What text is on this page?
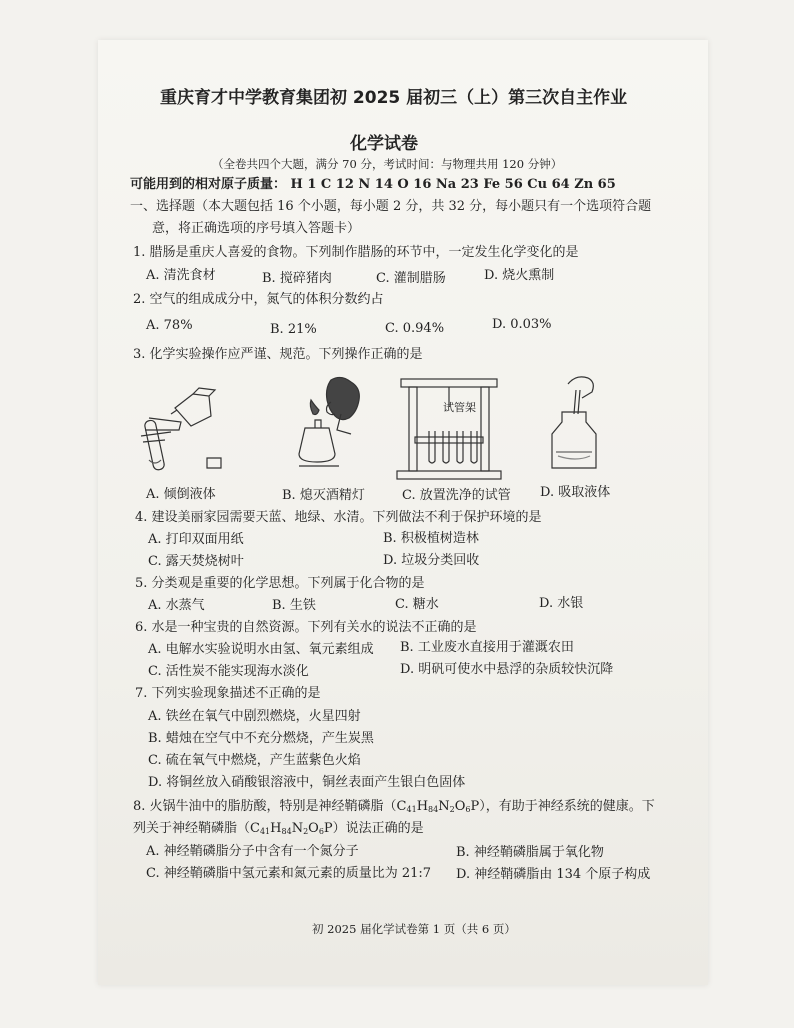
重庆育才中学教育集团初 2025 届初三（上）第三次自主作业
化学试卷
（全卷共四个大题，满分 70 分，考试时间：与物理共用 120 分钟）
可能用到的相对原子质量： H 1 C 12 N 14 O 16 Na 23 Fe 56 Cu 64 Zn 65
一、选择题（本大题包括 16 个小题，每小题 2 分，共 32 分，每小题只有一个选项符合题
意，将正确选项的序号填入答题卡）
1. 腊肠是重庆人喜爱的食物。下列制作腊肠的环节中，一定发生化学变化的是
A. 清洗食材	B. 搅碎猪肉	C. 灌制腊肠	D. 烧火熏制
2. 空气的组成成分中，氮气的体积分数约占
A. 78%	B. 21%	C. 0.94%	D. 0.03%
3. 化学实验操作应严谨、规范。下列操作正确的是
试管架
A. 倾倒液体	B. 熄灭酒精灯	C. 放置洗净的试管 D. 吸取液体
4. 建设美丽家园需要天蓝、地绿、水清。下列做法不利于保护环境的是
A. 打印双面用纸	B. 积极植树造林
C. 露天焚烧树叶	D. 垃圾分类回收
5. 分类观是重要的化学思想。下列属于化合物的是
A. 水蒸气	B. 生铁	C. 糖水	D. 水银
6. 水是一种宝贵的自然资源。下列有关水的说法不正确的是
A. 电解水实验说明水由氢、氧元素组成 B. 工业废水直接用于灌溉农田
C. 活性炭不能实现海水淡化	D. 明矾可使水中悬浮的杂质较快沉降
7. 下列实验现象描述不正确的是
A. 铁丝在氧气中剧烈燃烧，火星四射
B. 蜡烛在空气中不充分燃烧，产生炭黑
C. 硫在氧气中燃烧，产生蓝紫色火焰
D. 将铜丝放入硝酸银溶液中，铜丝表面产生银白色固体
8. 火锅牛油中的脂肪酸，特别是神经鞘磷脂$(C_{41}H_{84}N_2O_6P)$，有助于神经系统的健康。下
列关于神经鞘磷脂$(C_{41}H_{84}N_2O_6P)$说法正确的是
A. 神经鞘磷脂分子中含有一个氮分子	B. 神经鞘磷脂属于氧化物
C. 神经鞘磷脂中氢元素和氮元素的质量比为 21:7 D. 神经鞘磷脂由 134 个原子构成
初 2025 届化学试卷第 1 页（共 6 页）
